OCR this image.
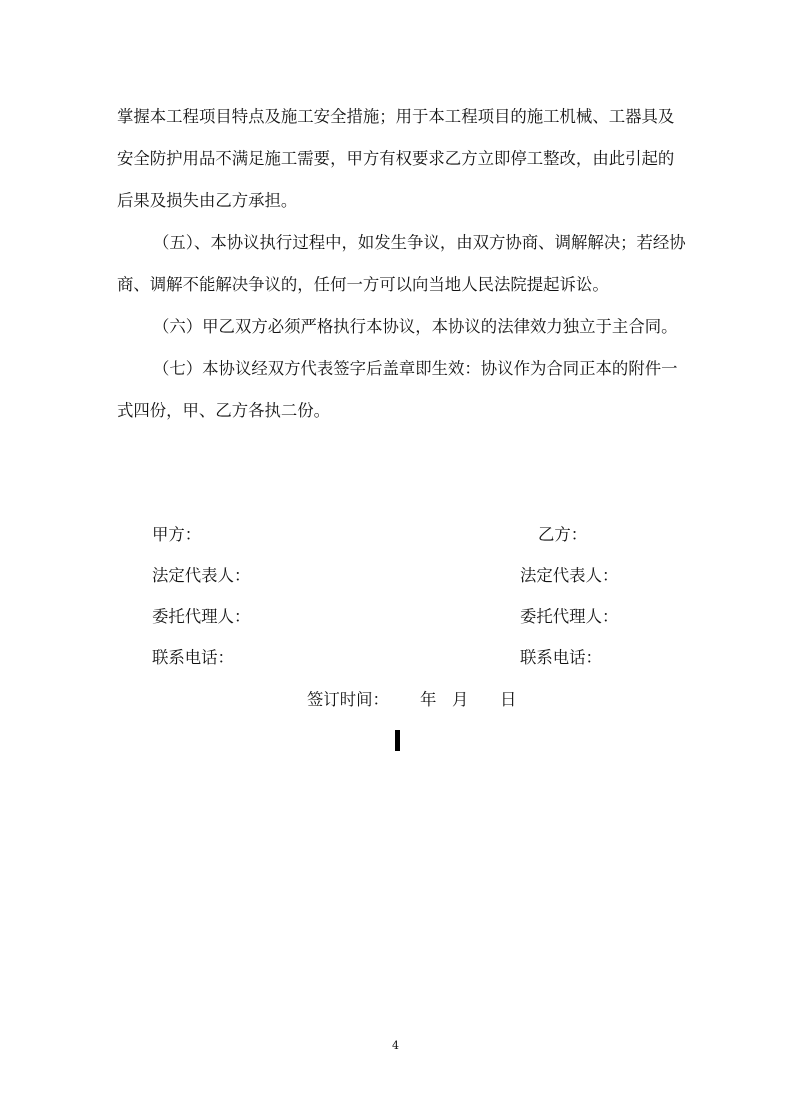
掌握本工程项目特点及施工安全措施；用于本工程项目的施工机械、工器具及
安全防护用品不满足施工需要，甲方有权要求乙方立即停工整改，由此引起的
后果及损失由乙方承担。
（五）、本协议执行过程中，如发生争议，由双方协商、调解解决；若经协
商、调解不能解决争议的，任何一方可以向当地人民法院提起诉讼。
（六）甲乙双方必须严格执行本协议，本协议的法律效力独立于主合同。
（七）本协议经双方代表签字后盖章即生效：协议作为合同正本的附件一
式四份，甲、乙方各执二份。
甲方：	乙方：
法定代表人：	法定代表人：
委托代理人：	委托代理人：
联系电话：	联系电话：
签订时间： 年 月 日
4
